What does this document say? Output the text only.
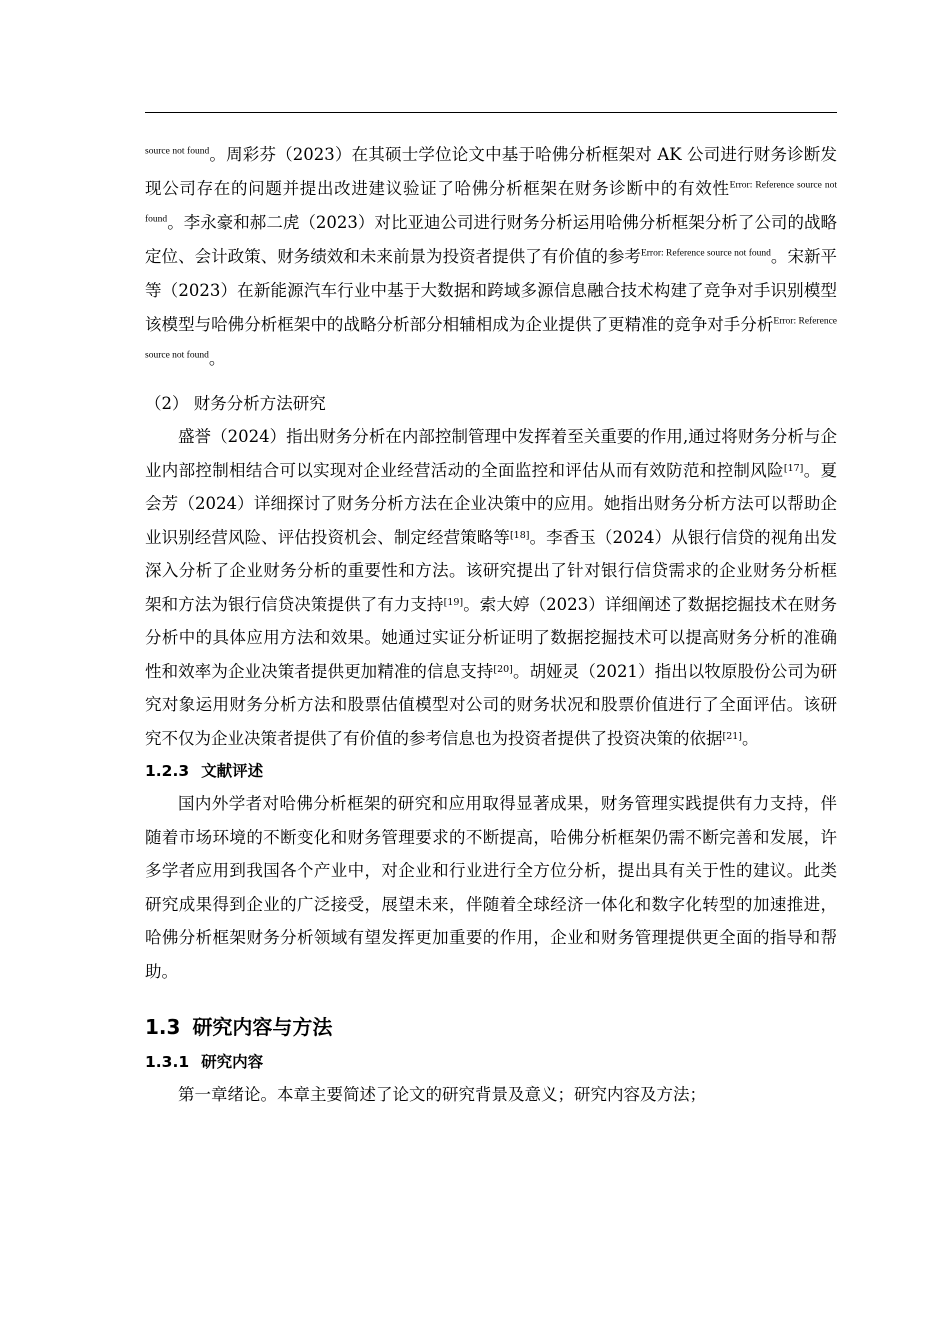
$^{source not found}$。周彩芬（2023）在其硕士学位论文中基于哈佛分析框架对 AK 公司进行财务诊断发现公司存在的问题并提出改进建议验证了哈佛分析框架在财务诊断中的有效性$^{Error: Reference source not found}$。李永豪和郝二虎（2023）对比亚迪公司进行财务分析运用哈佛分析框架分析了公司的战略定位、会计政策、财务绩效和未来前景为投资者提供了有价值的参考$^{Error: Reference source not found}$。宋新平等（2023）在新能源汽车行业中基于大数据和跨域多源信息融合技术构建了竞争对手识别模型该模型与哈佛分析框架中的战略分析部分相辅相成为企业提供了更精准的竞争对手分析$^{Error: Reference source not found}$。

（2） 财务分析方法研究

盛誉（2024）指出财务分析在内部控制管理中发挥着至关重要的作用,通过将财务分析与企业内部控制相结合可以实现对企业经营活动的全面监控和评估从而有效防范和控制风险[17]。夏会芳（2024）详细探讨了财务分析方法在企业决策中的应用。她指出财务分析方法可以帮助企业识别经营风险、评估投资机会、制定经营策略等[18]。李香玉（2024）从银行信贷的视角出发深入分析了企业财务分析的重要性和方法。该研究提出了针对银行信贷需求的企业财务分析框架和方法为银行信贷决策提供了有力支持[19]。索大婷（2023）详细阐述了数据挖掘技术在财务分析中的具体应用方法和效果。她通过实证分析证明了数据挖掘技术可以提高财务分析的准确性和效率为企业决策者提供更加精准的信息支持[20]。胡娅灵（2021）指出以牧原股份公司为研究对象运用财务分析方法和股票估值模型对公司的财务状况和股票价值进行了全面评估。该研究不仅为企业决策者提供了有价值的参考信息也为投资者提供了投资决策的依据[21]。

1.2.3 文献评述

国内外学者对哈佛分析框架的研究和应用取得显著成果，财务管理实践提供有力支持，伴随着市场环境的不断变化和财务管理要求的不断提高，哈佛分析框架仍需不断完善和发展，许多学者应用到我国各个产业中，对企业和行业进行全方位分析，提出具有关于性的建议。此类研究成果得到企业的广泛接受，展望未来，伴随着全球经济一体化和数字化转型的加速推进，哈佛分析框架财务分析领域有望发挥更加重要的作用，企业和财务管理提供更全面的指导和帮助。

1.3 研究内容与方法

1.3.1 研究内容

第一章绪论。本章主要简述了论文的研究背景及意义；研究内容及方法；
